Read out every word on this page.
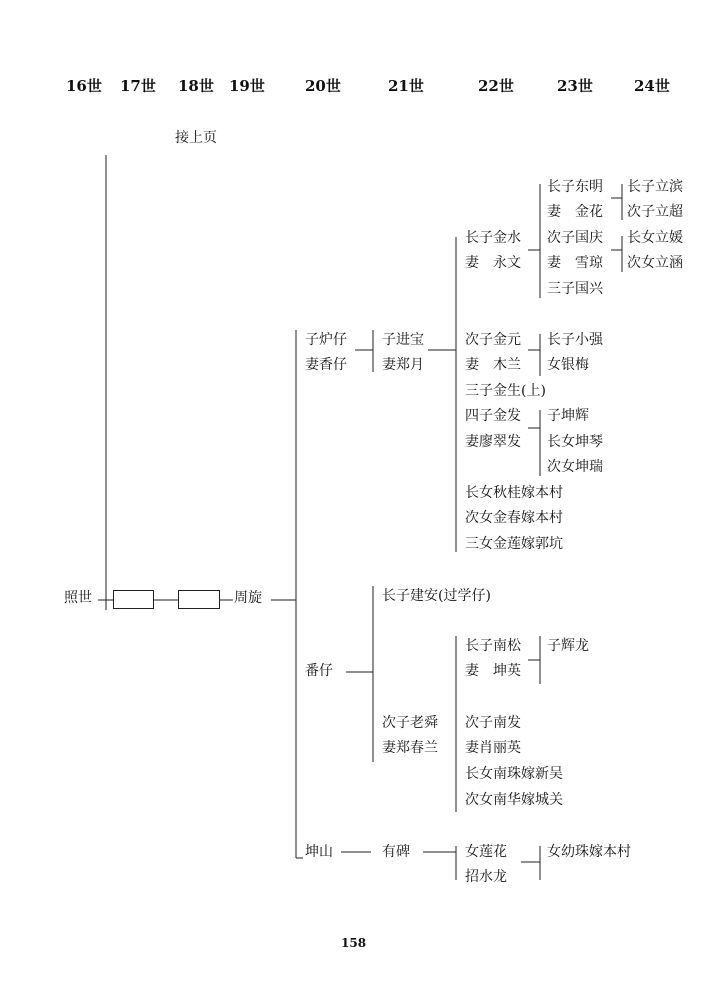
16世 17世 18世 19世	20世	21世	22世	23世	24世
接上页
照世	周旋
子炉仔
妻香仔
番仔
坤山
子进宝
妻郑月
长子建安(过学仔)
次子老舜
妻郑春兰
有碑
长子金水
妻　永文
次子金元
妻　木兰
三子金生(上)
四子金发
妻廖翠发
长女秋桂嫁本村
次女金春嫁本村
三女金莲嫁郭坑
长子南松
妻　坤英
次子南发
妻肖丽英
长女南珠嫁新吴
次女南华嫁城关
女莲花
招水龙
长子东明
妻　金花
次子国庆
妻　雪琼
三子国兴
长子小强
女银梅
子坤辉
长女坤琴
次女坤瑞
子辉龙
女幼珠嫁本村
长子立滨
次子立超
长女立媛
次女立涵
158
